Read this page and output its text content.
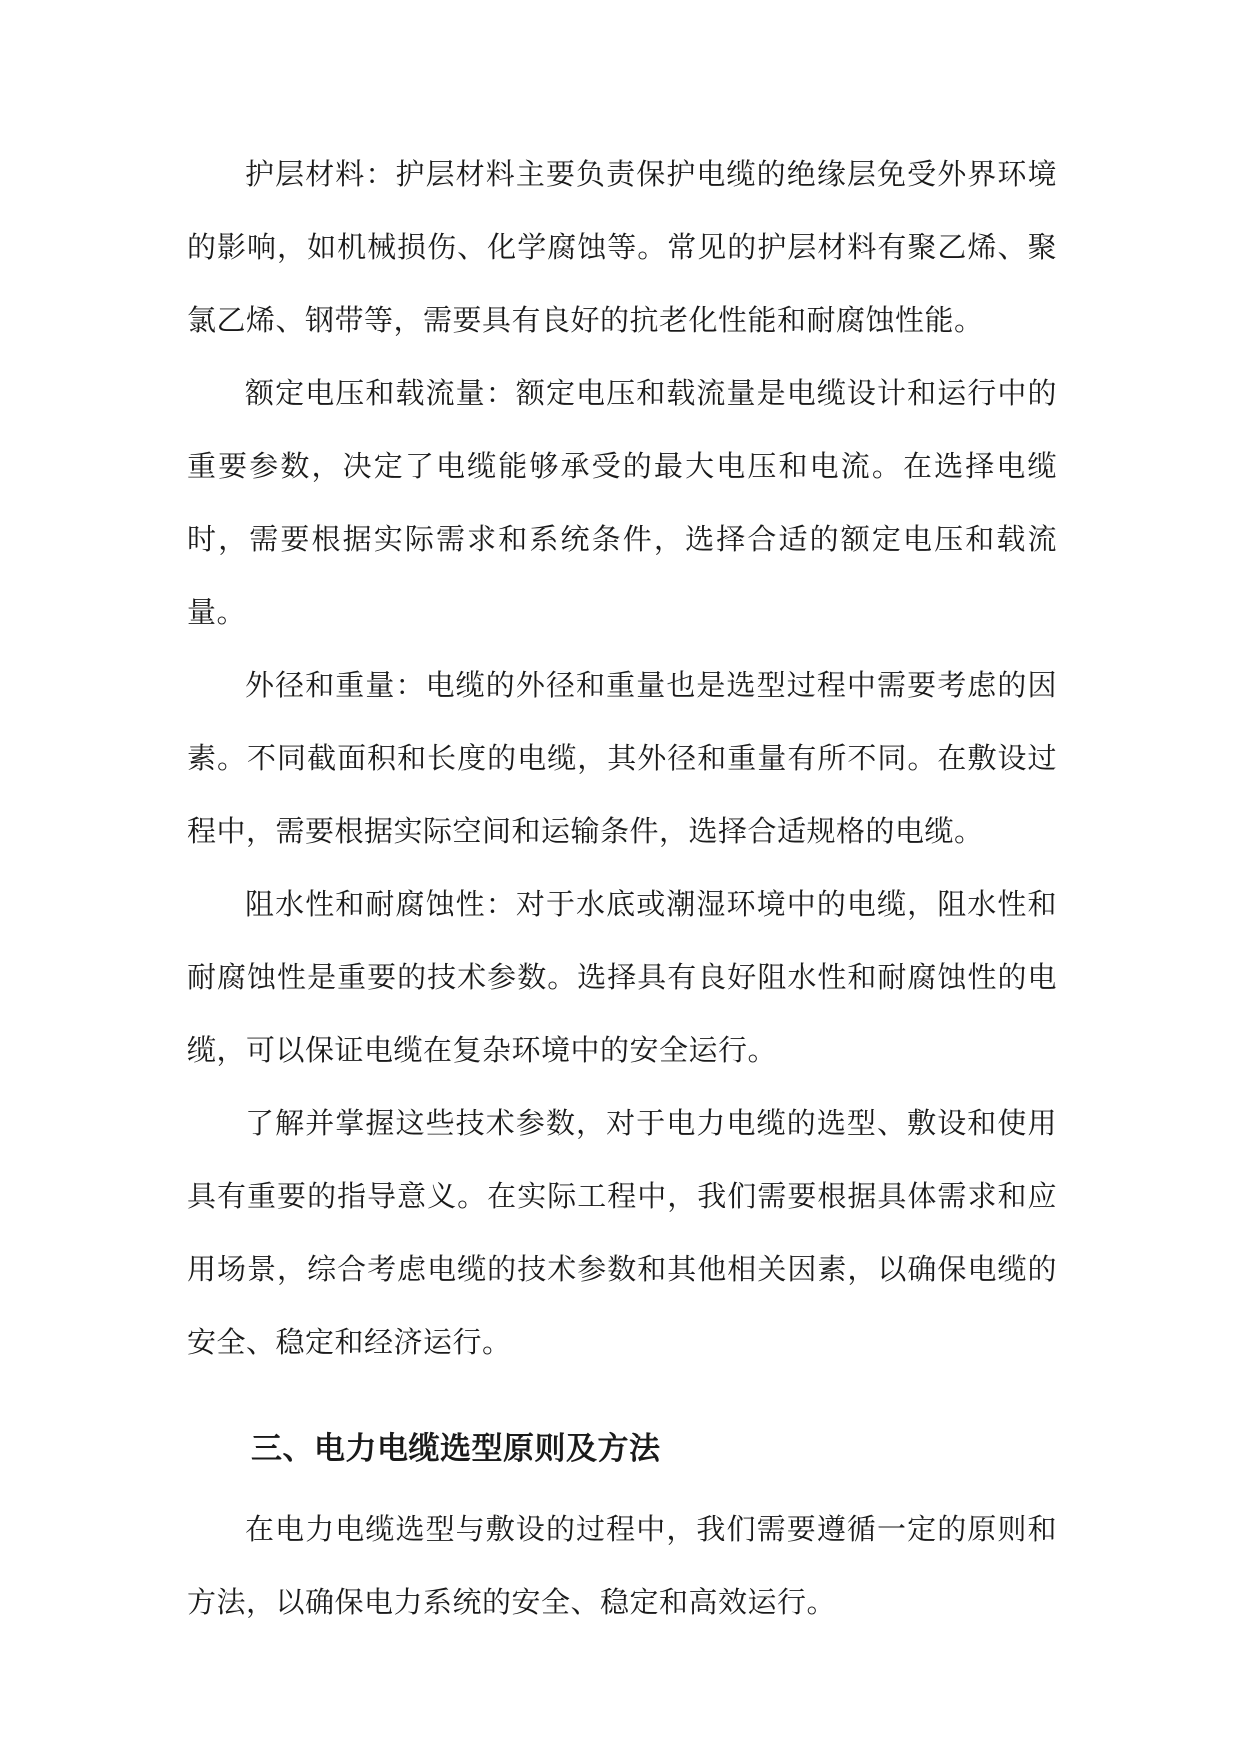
护层材料：护层材料主要负责保护电缆的绝缘层免受外界环境的影响，如机械损伤、化学腐蚀等。常见的护层材料有聚乙烯、聚氯乙烯、钢带等，需要具有良好的抗老化性能和耐腐蚀性能。

额定电压和载流量：额定电压和载流量是电缆设计和运行中的重要参数，决定了电缆能够承受的最大电压和电流。在选择电缆时，需要根据实际需求和系统条件，选择合适的额定电压和载流量。

外径和重量：电缆的外径和重量也是选型过程中需要考虑的因素。不同截面积和长度的电缆，其外径和重量有所不同。在敷设过程中，需要根据实际空间和运输条件，选择合适规格的电缆。

阻水性和耐腐蚀性：对于水底或潮湿环境中的电缆，阻水性和耐腐蚀性是重要的技术参数。选择具有良好阻水性和耐腐蚀性的电缆，可以保证电缆在复杂环境中的安全运行。

了解并掌握这些技术参数，对于电力电缆的选型、敷设和使用具有重要的指导意义。在实际工程中，我们需要根据具体需求和应用场景，综合考虑电缆的技术参数和其他相关因素，以确保电缆的安全、稳定和经济运行。

三、电力电缆选型原则及方法

在电力电缆选型与敷设的过程中，我们需要遵循一定的原则和方法，以确保电力系统的安全、稳定和高效运行。
